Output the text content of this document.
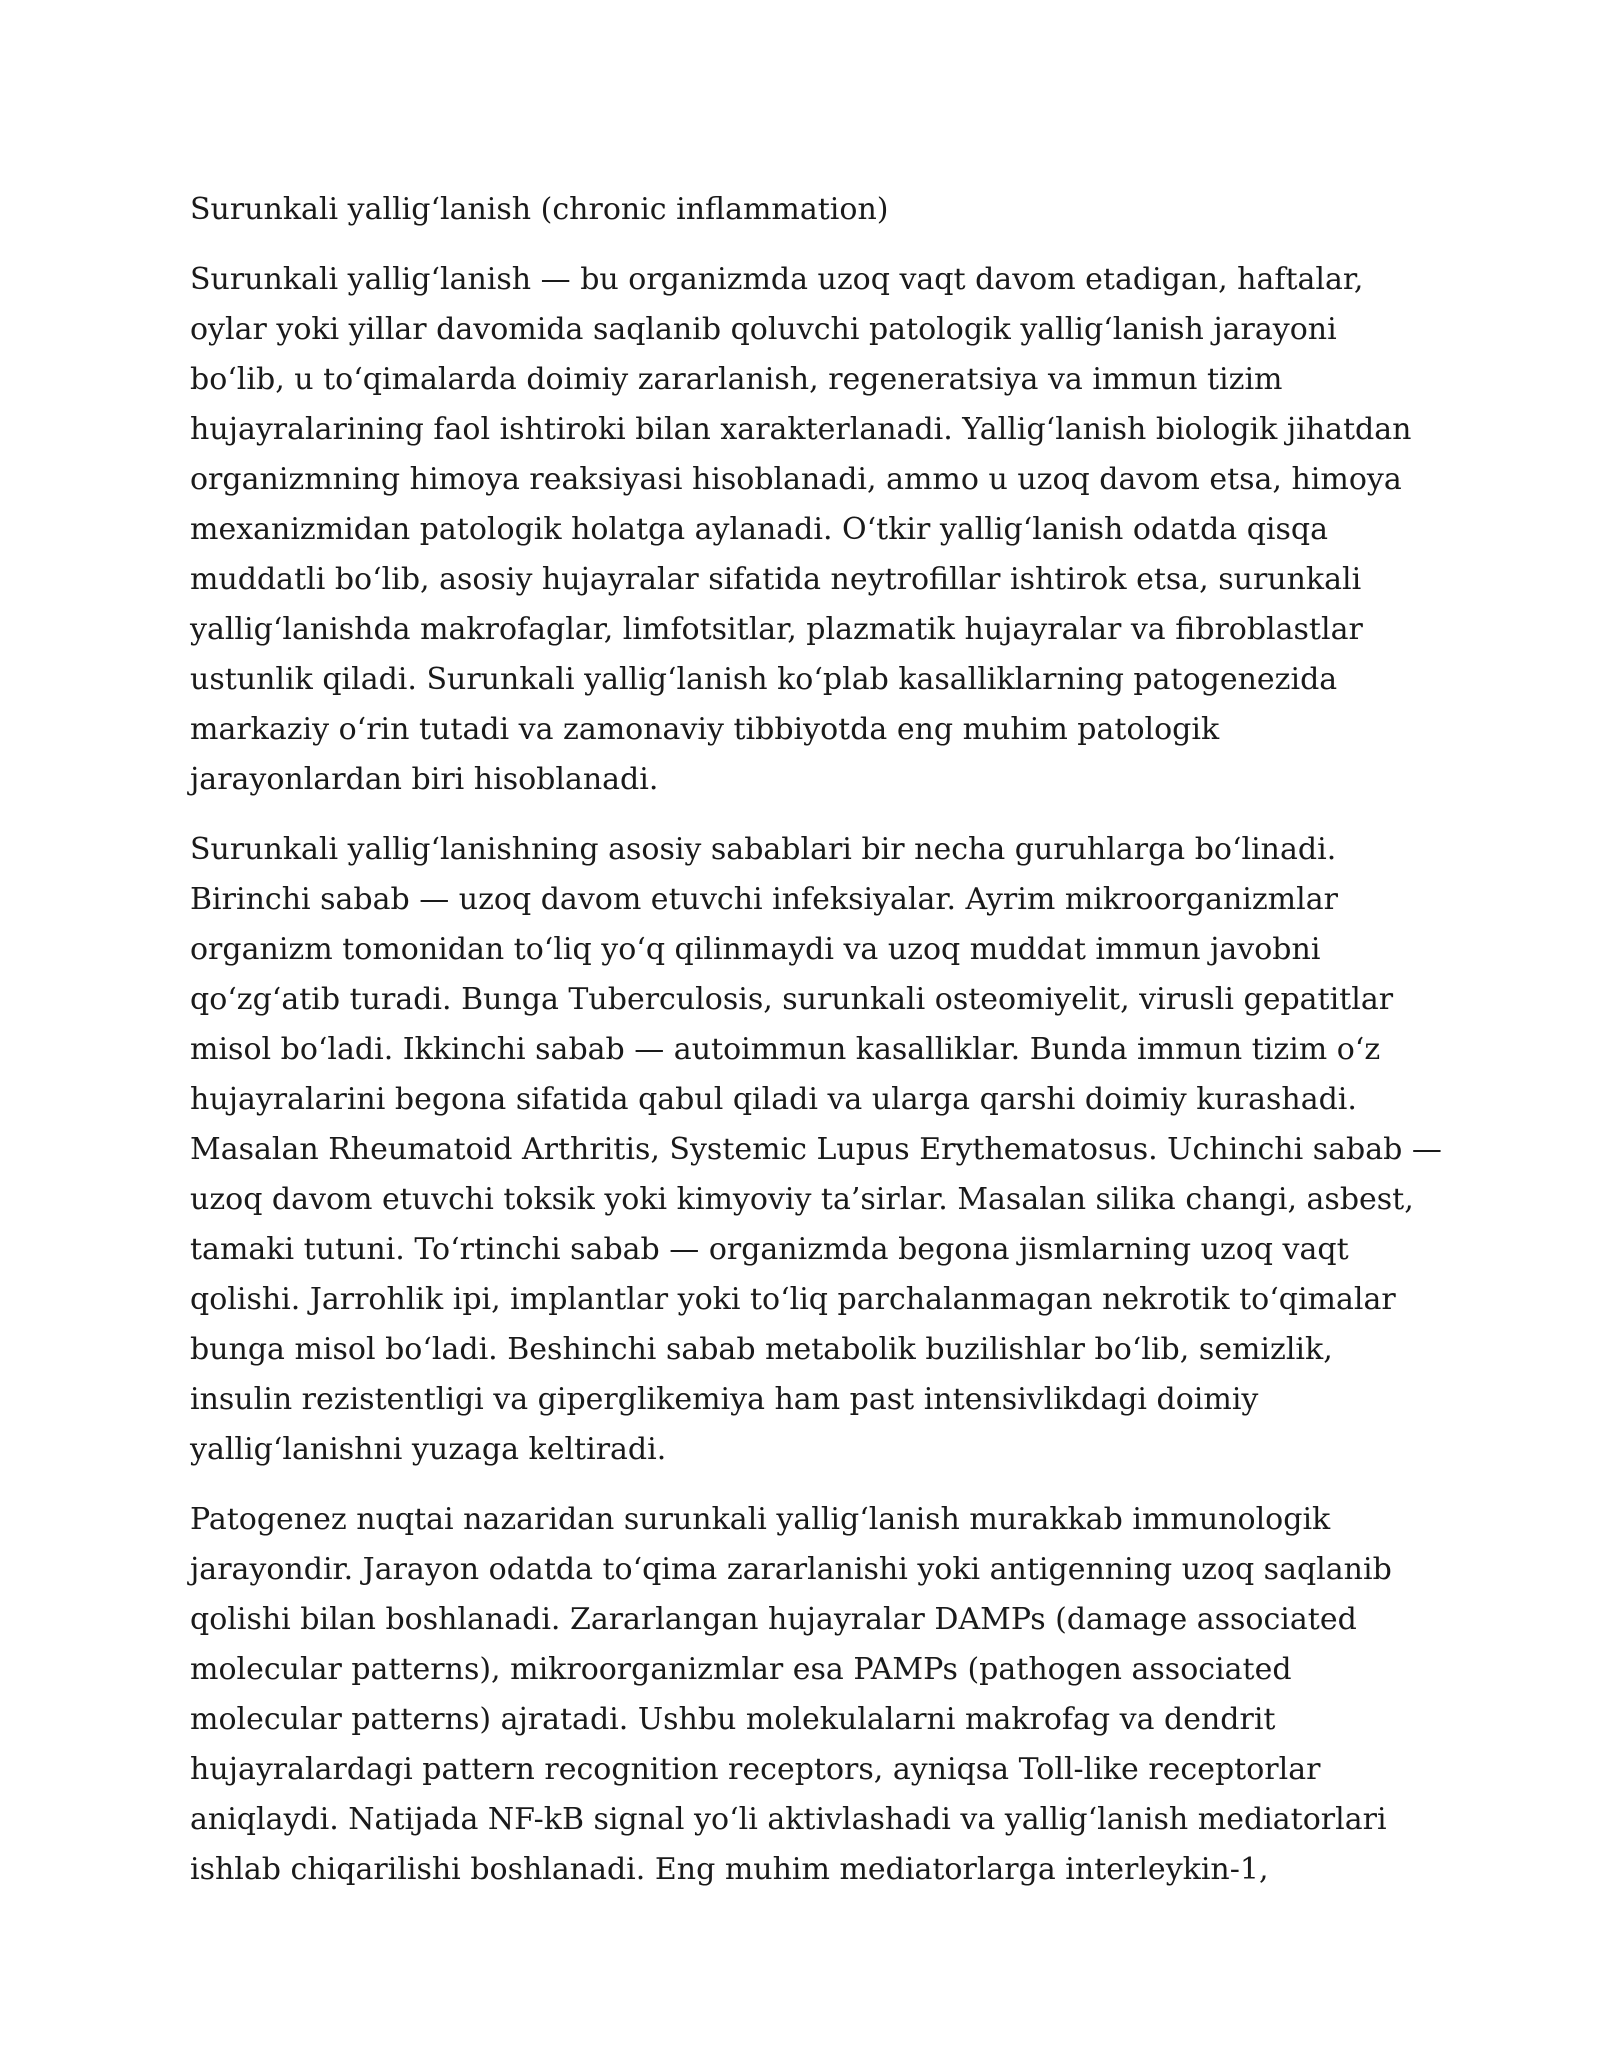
Surunkali yallig‘lanish (chronic inflammation)
Surunkali yallig‘lanish — bu organizmda uzoq vaqt davom etadigan, haftalar,
oylar yoki yillar davomida saqlanib qoluvchi patologik yallig‘lanish jarayoni
bo‘lib, u to‘qimalarda doimiy zararlanish, regeneratsiya va immun tizim
hujayralarining faol ishtiroki bilan xarakterlanadi. Yallig‘lanish biologik jihatdan
organizmning himoya reaksiyasi hisoblanadi, ammo u uzoq davom etsa, himoya
mexanizmidan patologik holatga aylanadi. O‘tkir yallig‘lanish odatda qisqa
muddatli bo‘lib, asosiy hujayralar sifatida neytrofillar ishtirok etsa, surunkali
yallig‘lanishda makrofaglar, limfotsitlar, plazmatik hujayralar va fibroblastlar
ustunlik qiladi. Surunkali yallig‘lanish ko‘plab kasalliklarning patogenezida
markaziy o‘rin tutadi va zamonaviy tibbiyotda eng muhim patologik
jarayonlardan biri hisoblanadi.
Surunkali yallig‘lanishning asosiy sabablari bir necha guruhlarga bo‘linadi.
Birinchi sabab — uzoq davom etuvchi infeksiyalar. Ayrim mikroorganizmlar
organizm tomonidan to‘liq yo‘q qilinmaydi va uzoq muddat immun javobni
qo‘zg‘atib turadi. Bunga Tuberculosis, surunkali osteomiyelit, virusli gepatitlar
misol bo‘ladi. Ikkinchi sabab — autoimmun kasalliklar. Bunda immun tizim o‘z
hujayralarini begona sifatida qabul qiladi va ularga qarshi doimiy kurashadi.
Masalan Rheumatoid Arthritis, Systemic Lupus Erythematosus. Uchinchi sabab —
uzoq davom etuvchi toksik yoki kimyoviy ta’sirlar. Masalan silika changi, asbest,
tamaki tutuni. To‘rtinchi sabab — organizmda begona jismlarning uzoq vaqt
qolishi. Jarrohlik ipi, implantlar yoki to‘liq parchalanmagan nekrotik to‘qimalar
bunga misol bo‘ladi. Beshinchi sabab metabolik buzilishlar bo‘lib, semizlik,
insulin rezistentligi va giperglikemiya ham past intensivlikdagi doimiy
yallig‘lanishni yuzaga keltiradi.
Patogenez nuqtai nazaridan surunkali yallig‘lanish murakkab immunologik
jarayondir. Jarayon odatda to‘qima zararlanishi yoki antigenning uzoq saqlanib
qolishi bilan boshlanadi. Zararlangan hujayralar DAMPs (damage associated
molecular patterns), mikroorganizmlar esa PAMPs (pathogen associated
molecular patterns) ajratadi. Ushbu molekulalarni makrofag va dendrit
hujayralardagi pattern recognition receptors, ayniqsa Toll-like receptorlar
aniqlaydi. Natijada NF-kB signal yo‘li aktivlashadi va yallig‘lanish mediatorlari
ishlab chiqarilishi boshlanadi. Eng muhim mediatorlarga interleykin-1,
